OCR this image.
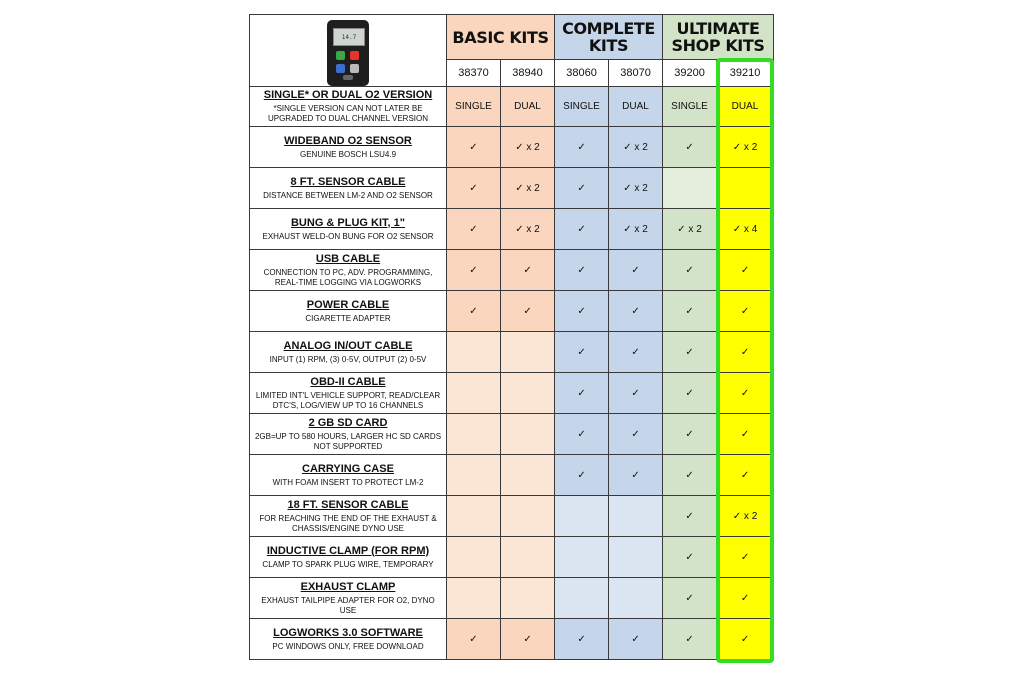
14.7	BASIC KITS		COMPLETE KITS		ULTIMATE SHOP KITS	

	38370	38940	38060	38070	39200	39210

SINGLE* OR DUAL O2 VERSION
*SINGLE VERSION CAN NOT LATER BE UPGRADED TO DUAL CHANNEL VERSION	SINGLE	DUAL	SINGLE	DUAL	SINGLE	DUAL

WIDEBAND O2 SENSOR
GENUINE BOSCH LSU4.9	✓	✓ x 2	✓	✓ x 2	✓	✓ x 2

8 FT. SENSOR CABLE
DISTANCE BETWEEN LM-2 AND O2 SENSOR	✓	✓ x 2	✓	✓ x 2		

BUNG & PLUG KIT, 1"
EXHAUST WELD-ON BUNG FOR O2 SENSOR	✓	✓ x 2	✓	✓ x 2	✓ x 2	✓ x 4

USB CABLE
CONNECTION TO PC, ADV. PROGRAMMING, REAL-TIME LOGGING VIA LOGWORKS	✓	✓	✓	✓	✓	✓

POWER CABLE
CIGARETTE ADAPTER	✓	✓	✓	✓	✓	✓

ANALOG IN/OUT CABLE
INPUT (1) RPM, (3) 0-5V, OUTPUT (2) 0-5V			✓	✓	✓	✓

OBD-II CABLE
LIMITED INT'L VEHICLE SUPPORT, READ/CLEAR DTC'S, LOG/VIEW UP TO 16 CHANNELS			✓	✓	✓	✓

2 GB SD CARD
2GB=UP TO 580 HOURS, LARGER HC SD CARDS NOT SUPPORTED			✓	✓	✓	✓

CARRYING CASE
WITH FOAM INSERT TO PROTECT LM-2			✓	✓	✓	✓

18 FT. SENSOR CABLE
FOR REACHING THE END OF THE EXHAUST & CHASSIS/ENGINE DYNO USE					✓	✓ x 2

INDUCTIVE CLAMP (FOR RPM)
CLAMP TO SPARK PLUG WIRE, TEMPORARY					✓	✓

EXHAUST CLAMP
EXHAUST TAILPIPE ADAPTER FOR O2, DYNO USE					✓	✓

LOGWORKS 3.0 SOFTWARE
PC WINDOWS ONLY, FREE DOWNLOAD	✓	✓	✓	✓	✓	✓
